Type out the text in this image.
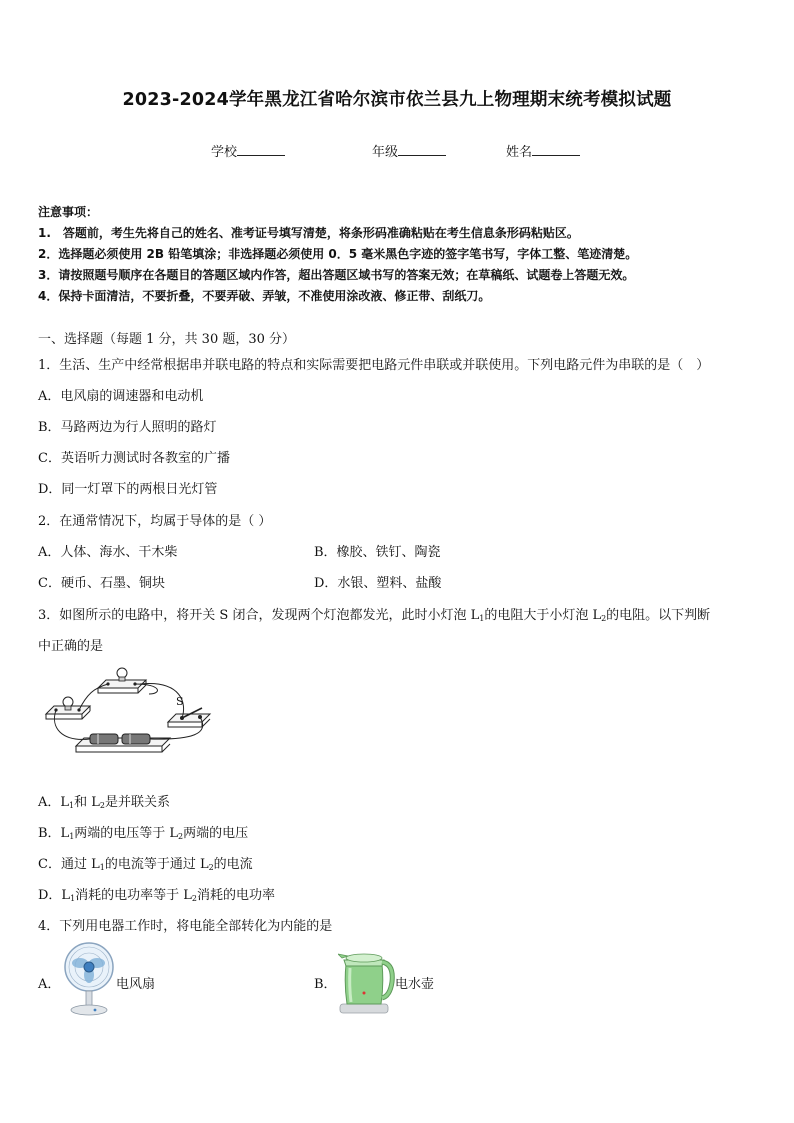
2023-2024学年黑龙江省哈尔滨市依兰县九上物理期末统考模拟试题
学校	年级	姓名
注意事项：
1.　答题前，考生先将自己的姓名、准考证号填写清楚，将条形码准确粘贴在考生信息条形码粘贴区。
2．选择题必须使用 2B 铅笔填涂；非选择题必须使用 0．5 毫米黑色字迹的签字笔书写，字体工整、笔迹清楚。
3．请按照题号顺序在各题目的答题区域内作答，超出答题区域书写的答案无效；在草稿纸、试题卷上答题无效。
4．保持卡面清洁，不要折叠，不要弄破、弄皱，不准使用涂改液、修正带、刮纸刀。
一、选择题（每题 1 分，共 30 题，30 分）
1．生活、生产中经常根据串并联电路的特点和实际需要把电路元件串联或并联使用。下列电路元件为串联的是（　）
A．电风扇的调速器和电动机
B．马路两边为行人照明的路灯
C．英语听力测试时各教室的广播
D．同一灯罩下的两根日光灯管
2．在通常情况下，均属于导体的是（ ）
A．人体、海水、干木柴	B．橡胶、铁钉、陶瓷
C．硬币、石墨、铜块	D．水银、塑料、盐酸
3．如图所示的电路中，将开关 S 闭合，发现两个灯泡都发光，此时小灯泡 $L_1$的电阻大于小灯泡 $L_2$的电阻。以下判断
中正确的是
S
A．$L_1$和 $L_2$是并联关系
B．$L_1$两端的电压等于 $L_2$两端的电压
C．通过 $L_1$的电流等于通过 $L_2$的电流
D．$L_1$消耗的电功率等于 $L_2$消耗的电功率
4．下列用电器工作时，将电能全部转化为内能的是
A．	电风扇	B．	电水壶
